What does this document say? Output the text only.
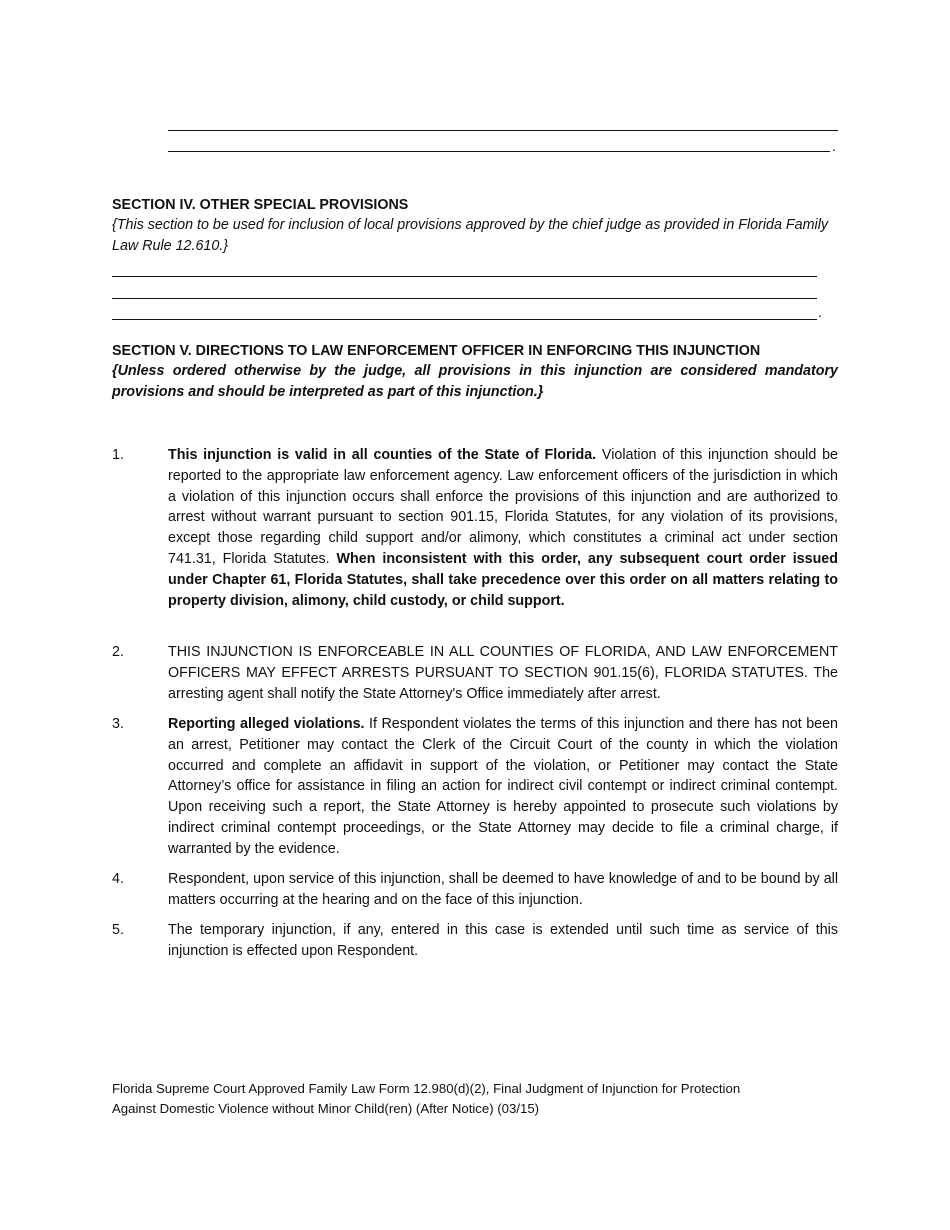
.
SECTION IV. OTHER SPECIAL PROVISIONS
{This section to be used for inclusion of local provisions approved by the chief judge as provided in Florida Family Law Rule 12.610.}
.
SECTION V. DIRECTIONS TO LAW ENFORCEMENT OFFICER IN ENFORCING THIS INJUNCTION
{Unless ordered otherwise by the judge, all provisions in this injunction are considered mandatory provisions and should be interpreted as part of this injunction.}
1.	This injunction is valid in all counties of the State of Florida. Violation of this injunction should be reported to the appropriate law enforcement agency. Law enforcement officers of the jurisdiction in which a violation of this injunction occurs shall enforce the provisions of this injunction and are authorized to arrest without warrant pursuant to section 901.15, Florida Statutes, for any violation of its provisions, except those regarding child support and/or alimony, which constitutes a criminal act under section 741.31, Florida Statutes. When inconsistent with this order, any subsequent court order issued under Chapter 61, Florida Statutes, shall take precedence over this order on all matters relating to property division, alimony, child custody, or child support.
2.	THIS INJUNCTION IS ENFORCEABLE IN ALL COUNTIES OF FLORIDA, AND LAW ENFORCEMENT OFFICERS MAY EFFECT ARRESTS PURSUANT TO SECTION 901.15(6), FLORIDA STATUTES. The arresting agent shall notify the State Attorney's Office immediately after arrest.
3.	Reporting alleged violations. If Respondent violates the terms of this injunction and there has not been an arrest, Petitioner may contact the Clerk of the Circuit Court of the county in which the violation occurred and complete an affidavit in support of the violation, or Petitioner may contact the State Attorney’s office for assistance in filing an action for indirect civil contempt or indirect criminal contempt. Upon receiving such a report, the State Attorney is hereby appointed to prosecute such violations by indirect criminal contempt proceedings, or the State Attorney may decide to file a criminal charge, if warranted by the evidence.
4.	Respondent, upon service of this injunction, shall be deemed to have knowledge of and to be bound by all matters occurring at the hearing and on the face of this injunction.
5.	The temporary injunction, if any, entered in this case is extended until such time as service of this injunction is effected upon Respondent.
Florida Supreme Court Approved Family Law Form 12.980(d)(2), Final Judgment of Injunction for Protection
Against Domestic Violence without Minor Child(ren) (After Notice) (03/15)
